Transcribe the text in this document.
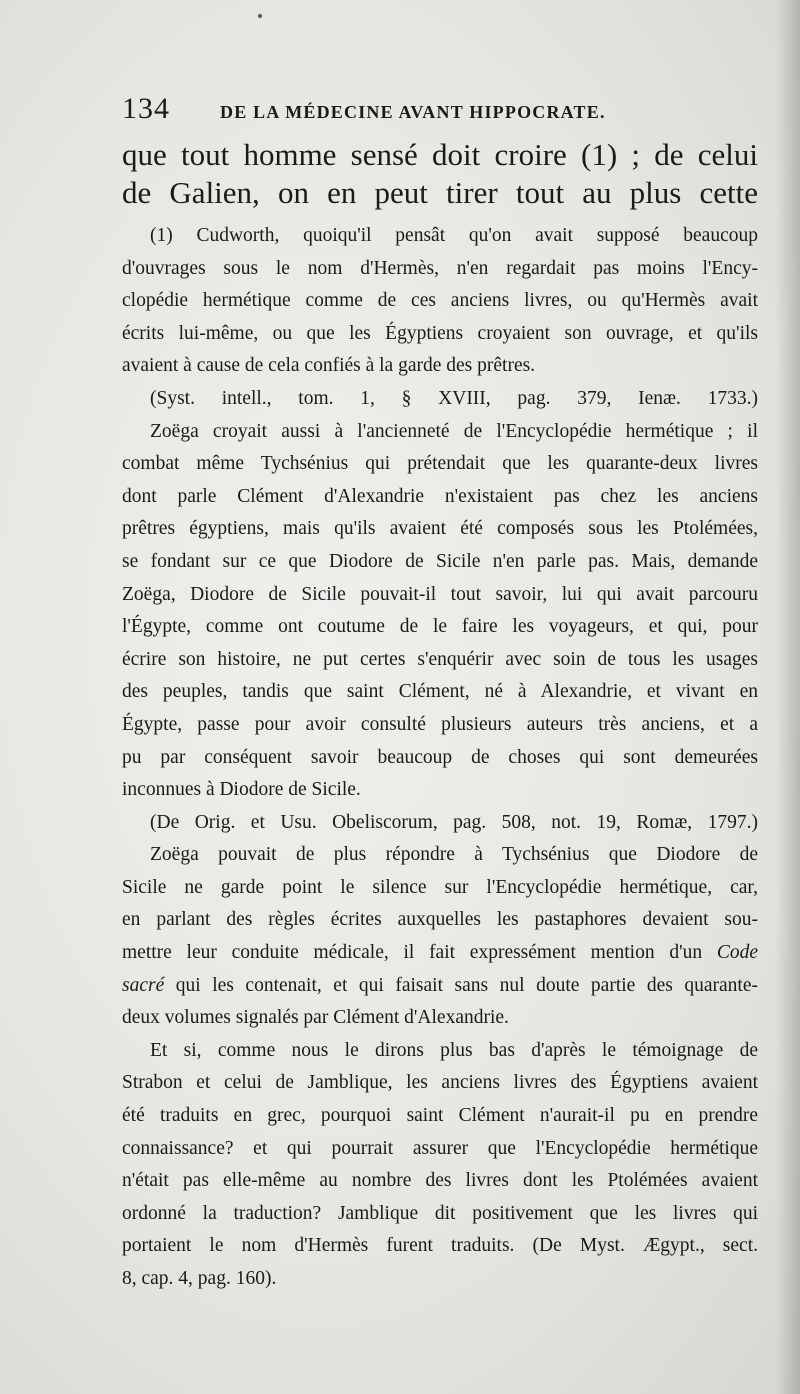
134	DE LA MÉDECINE AVANT HIPPOCRATE.
que tout homme sensé doit croire (1) ; de celui
de Galien, on en peut tirer tout au plus cette
(1) Cudworth, quoiqu'il pensât qu'on avait supposé beaucoup
d'ouvrages sous le nom d'Hermès, n'en regardait pas moins l'Ency-
clopédie hermétique comme de ces anciens livres, ou qu'Hermès avait
écrits lui-même, ou que les Égyptiens croyaient son ouvrage, et qu'ils
avaient à cause de cela confiés à la garde des prêtres.
(Syst. intell., tom. 1, § XVIII, pag. 379, Ienæ. 1733.)
Zoëga croyait aussi à l'ancienneté de l'Encyclopédie hermétique ; il
combat même Tychsénius qui prétendait que les quarante-deux livres
dont parle Clément d'Alexandrie n'existaient pas chez les anciens
prêtres égyptiens, mais qu'ils avaient été composés sous les Ptolémées,
se fondant sur ce que Diodore de Sicile n'en parle pas. Mais, demande
Zoëga, Diodore de Sicile pouvait-il tout savoir, lui qui avait parcouru
l'Égypte, comme ont coutume de le faire les voyageurs, et qui, pour
écrire son histoire, ne put certes s'enquérir avec soin de tous les usages
des peuples, tandis que saint Clément, né à Alexandrie, et vivant en
Égypte, passe pour avoir consulté plusieurs auteurs très anciens, et a
pu par conséquent savoir beaucoup de choses qui sont demeurées
inconnues à Diodore de Sicile.
(De Orig. et Usu. Obeliscorum, pag. 508, not. 19, Romæ, 1797.)
Zoëga pouvait de plus répondre à Tychsénius que Diodore de
Sicile ne garde point le silence sur l'Encyclopédie hermétique, car,
en parlant des règles écrites auxquelles les pastaphores devaient sou-
mettre leur conduite médicale, il fait expressément mention d'un Code
sacré qui les contenait, et qui faisait sans nul doute partie des quarante-
deux volumes signalés par Clément d'Alexandrie.
Et si, comme nous le dirons plus bas d'après le témoignage de
Strabon et celui de Jamblique, les anciens livres des Égyptiens avaient
été traduits en grec, pourquoi saint Clément n'aurait-il pu en prendre
connaissance? et qui pourrait assurer que l'Encyclopédie hermétique
n'était pas elle-même au nombre des livres dont les Ptolémées avaient
ordonné la traduction? Jamblique dit positivement que les livres qui
portaient le nom d'Hermès furent traduits. (De Myst. Ægypt., sect.
8, cap. 4, pag. 160).
